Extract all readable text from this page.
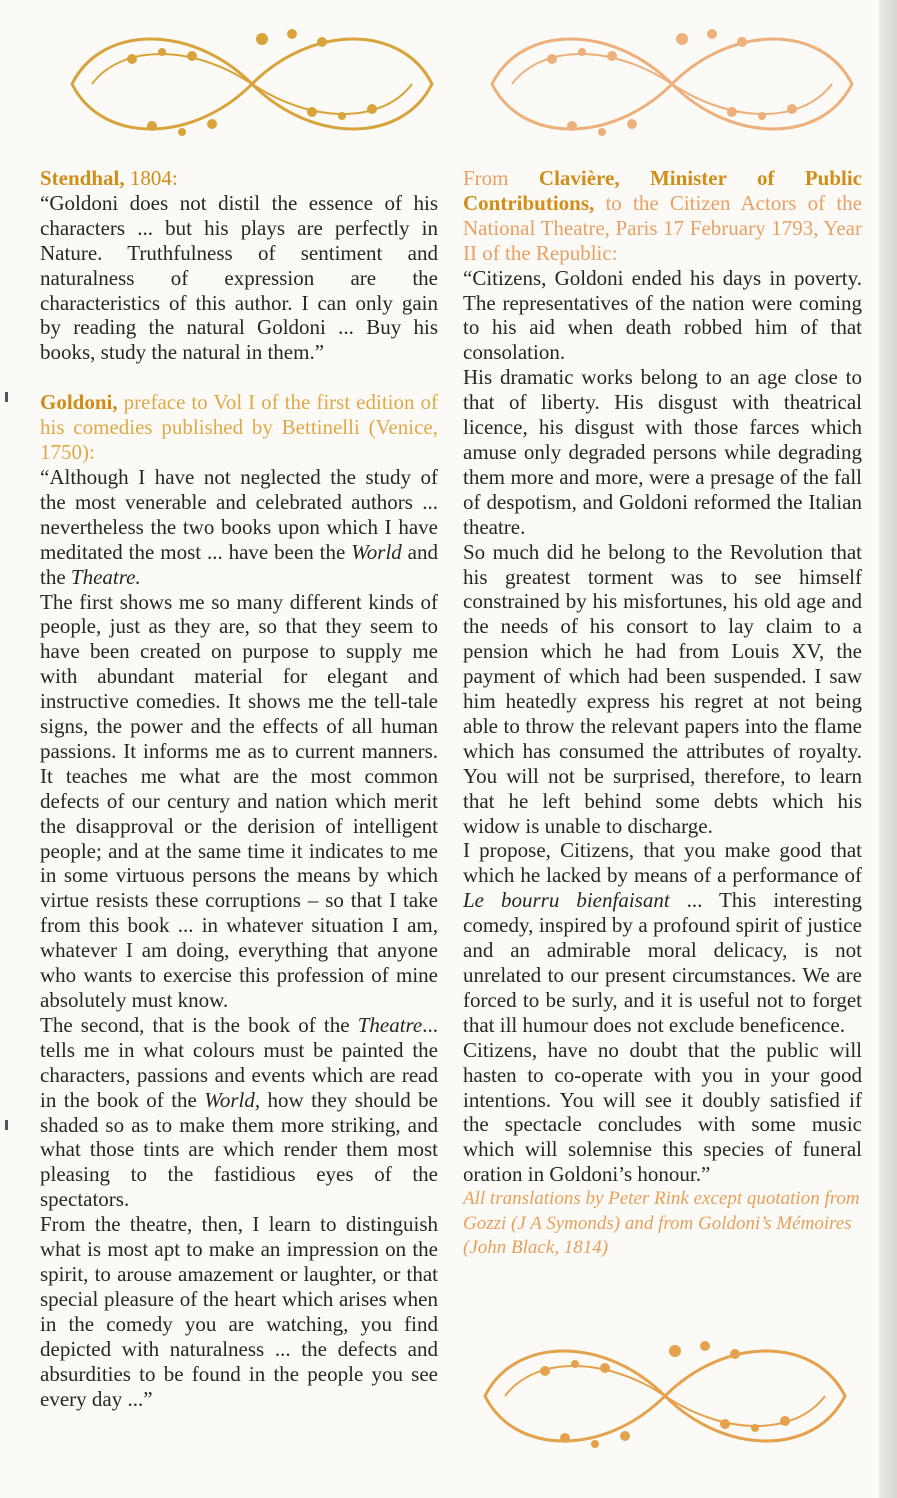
Stendhal, 1804:

“Goldoni does not distil the essence of his characters ... but his plays are perfectly in Nature. Truthfulness of sentiment and naturalness of expression are the characteristics of this author. I can only gain by reading the natural Goldoni ... Buy his books, study the natural in them.”

Goldoni, preface to Vol I of the first edition of his comedies published by Bettinelli (Venice, 1750):

“Although I have not neglected the study of the most venerable and celebrated authors ... nevertheless the two books upon which I have meditated the most ... have been the World and the Theatre.

The first shows me so many different kinds of people, just as they are, so that they seem to have been created on purpose to supply me with abundant material for elegant and instructive comedies. It shows me the tell-tale signs, the power and the effects of all human passions. It informs me as to current manners. It teaches me what are the most common defects of our century and nation which merit the disapproval or the derision of intelligent people; and at the same time it indicates to me in some virtuous persons the means by which virtue resists these corruptions – so that I take from this book ... in whatever situation I am, whatever I am doing, everything that anyone who wants to exercise this profession of mine absolutely must know.

The second, that is the book of the Theatre... tells me in what colours must be painted the characters, passions and events which are read in the book of the World, how they should be shaded so as to make them more striking, and what those tints are which render them most pleasing to the fastidious eyes of the spectators.

From the theatre, then, I learn to distinguish what is most apt to make an impression on the spirit, to arouse amazement or laughter, or that special pleasure of the heart which arises when in the comedy you are watching, you find depicted with naturalness ... the defects and absurdities to be found in the people you see every day ...”

From Clavière, Minister of Public Contributions, to the Citizen Actors of the National Theatre, Paris 17 February 1793, Year II of the Republic:

“Citizens, Goldoni ended his days in poverty. The representatives of the nation were coming to his aid when death robbed him of that consolation.

His dramatic works belong to an age close to that of liberty. His disgust with theatrical licence, his disgust with those farces which amuse only degraded persons while degrading them more and more, were a presage of the fall of despotism, and Goldoni reformed the Italian theatre.

So much did he belong to the Revolution that his greatest torment was to see himself constrained by his misfortunes, his old age and the needs of his consort to lay claim to a pension which he had from Louis XV, the payment of which had been suspended. I saw him heatedly express his regret at not being able to throw the relevant papers into the flame which has consumed the attributes of royalty. You will not be surprised, therefore, to learn that he left behind some debts which his widow is unable to discharge.

I propose, Citizens, that you make good that which he lacked by means of a performance of Le bourru bienfaisant ... This interesting comedy, inspired by a profound spirit of justice and an admirable moral delicacy, is not unrelated to our present circumstances. We are forced to be surly, and it is useful not to forget that ill humour does not exclude beneficence.

Citizens, have no doubt that the public will hasten to co-operate with you in your good intentions. You will see it doubly satisfied if the spectacle concludes with some music which will solemnise this species of funeral oration in Goldoni’s honour.”

All translations by Peter Rink except quotation from Gozzi (J A Symonds) and from Goldoni’s Mémoires (John Black, 1814)
